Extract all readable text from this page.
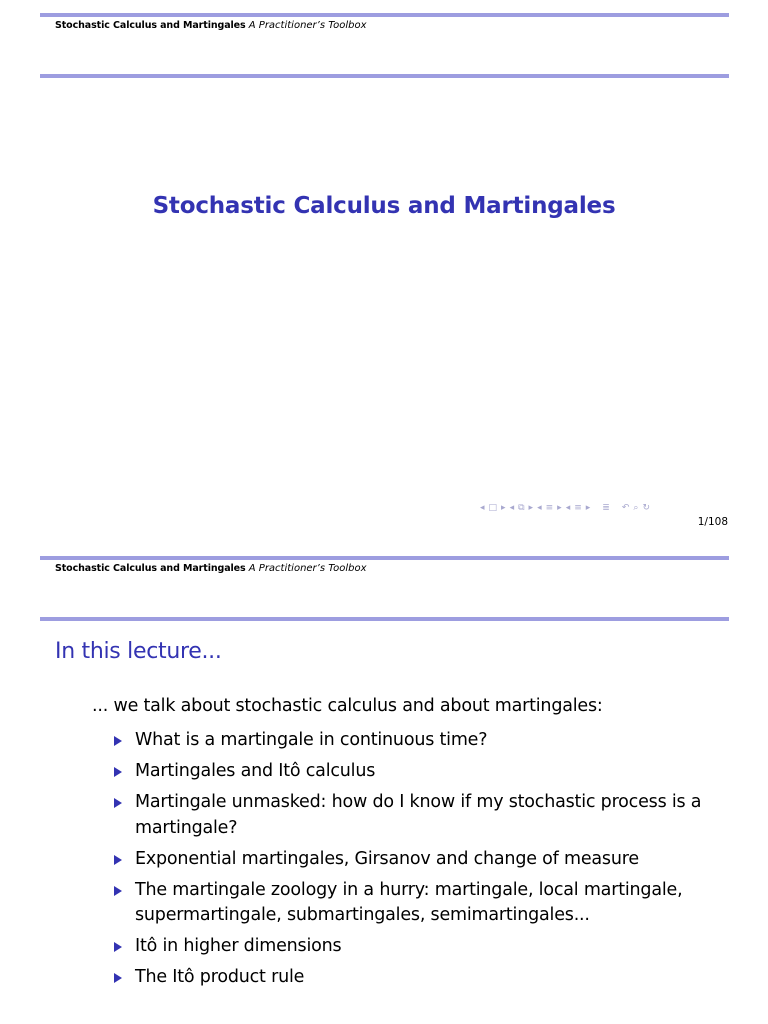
Stochastic Calculus and Martingales A Practitioner’s Toolbox
Stochastic Calculus and Martingales
◂ □ ▸ ◂ ⧉ ▸ ◂ ≡ ▸ ◂ ≡ ▸ ≣ ↶ ⌕ ↻
1/108
Stochastic Calculus and Martingales A Practitioner’s Toolbox
In this lecture...
... we talk about stochastic calculus and about martingales:
What is a martingale in continuous time?
Martingales and Itô calculus
Martingale unmasked: how do I know if my stochastic process is a martingale?
Exponential martingales, Girsanov and change of measure
The martingale zoology in a hurry: martingale, local martingale, supermartingale, submartingales, semimartingales...
Itô in higher dimensions
The Itô product rule
